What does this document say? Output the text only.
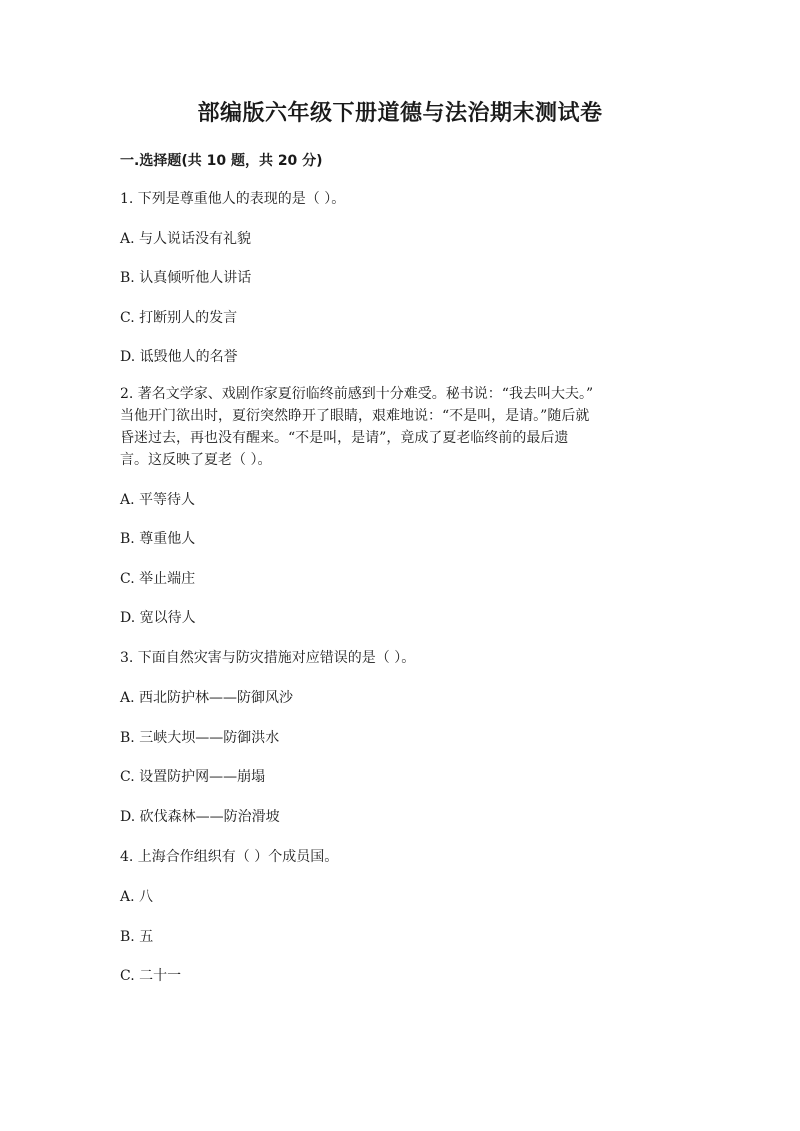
部编版六年级下册道德与法治期末测试卷
一.选择题(共 10 题，共 20 分)
1. 下列是尊重他人的表现的是（ ）。
A. 与人说话没有礼貌
B. 认真倾听他人讲话
C. 打断别人的发言
D. 诋毁他人的名誉
2. 著名文学家、戏剧作家夏衍临终前感到十分难受。秘书说：“我去叫大夫。”
当他开门欲出时，夏衍突然睁开了眼睛，艰难地说：“不是叫，是请。”随后就
昏迷过去，再也没有醒来。“不是叫，是请”，竟成了夏老临终前的最后遗
言。这反映了夏老（ ）。
A. 平等待人
B. 尊重他人
C. 举止端庄
D. 宽以待人
3. 下面自然灾害与防灾措施对应错误的是（ ）。
A. 西北防护林——防御风沙
B. 三峡大坝——防御洪水
C. 设置防护网——崩塌
D. 砍伐森林——防治滑坡
4. 上海合作组织有（ ）个成员国。
A. 八
B. 五
C. 二十一
